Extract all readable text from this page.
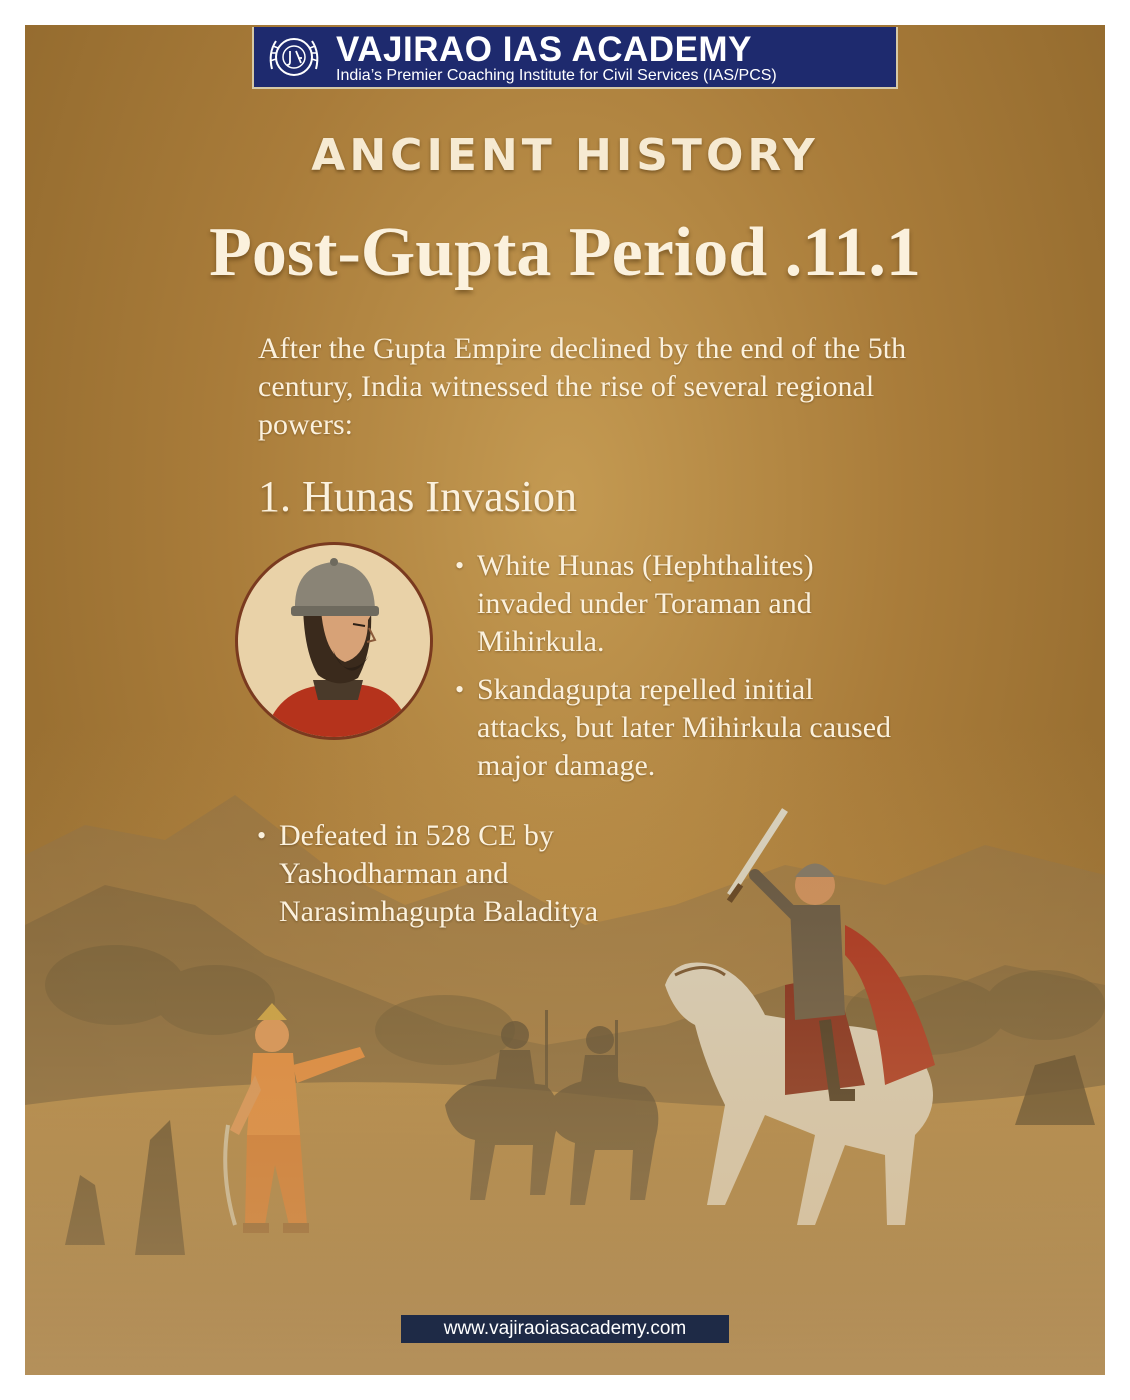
VAJIRAO IAS ACADEMY
India’s Premier Coaching Institute for Civil Services (IAS/PCS)
ANCIENT HISTORY
Post-Gupta Period .11.1
After the Gupta Empire declined by the end of the 5th century, India witnessed the rise of several regional powers:
1. Hunas Invasion
• White Hunas (Hephthalites) invaded under Toraman and Mihirkula.
• Skandagupta repelled initial attacks, but later Mihirkula caused major damage.
• Defeated in 528 CE by Yashodharman and Narasimhagupta Baladitya
www.vajiraoiasacademy.com
